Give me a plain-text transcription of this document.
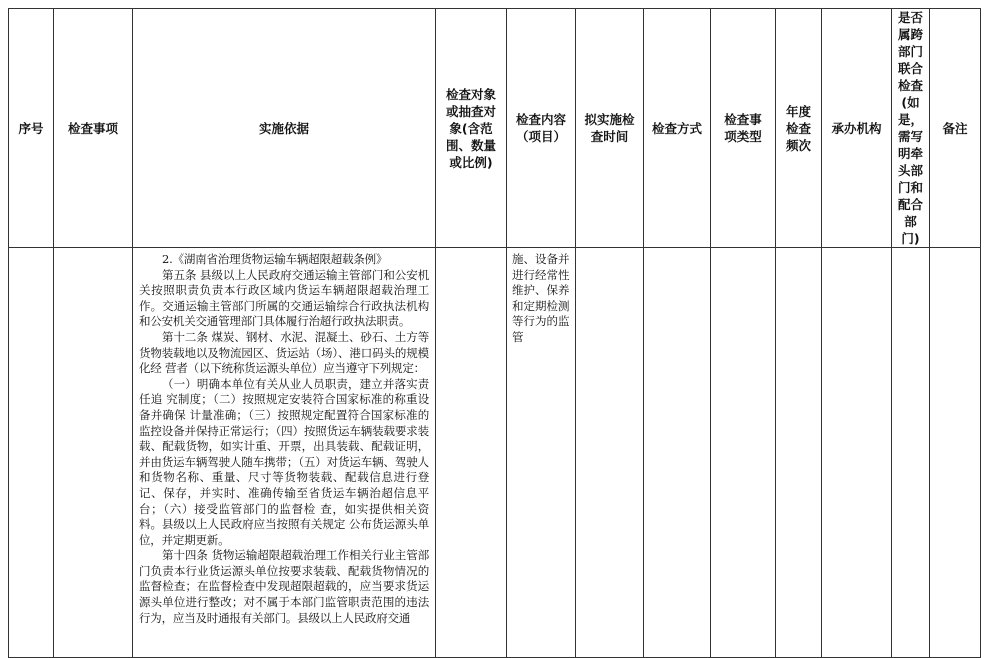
序号	检查事项	实施依据	检查对象或抽查对象(含范围、数量或比例)	检查内容（项目）	拟实施检查时间	检查方式	检查事项类型	年度检查频次	承办机构	是否属跨部门联合检查(如是，需写明牵头部门和配合部门)	备注

		2.《湖南省治理货物运输车辆超限超载条例》

第五条 县级以上人民政府交通运输主管部门和公安机关按照职责负责本行政区域内货运车辆超限超载治理工作。交通运输主管部门所属的交通运输综合行政执法机构和公安机关交通管理部门具体履行治超行政执法职责。

第十二条 煤炭、钢材、水泥、混凝土、砂石、土方等货物装载地以及物流园区、货运站（场）、港口码头的规模化经 营者（以下统称货运源头单位）应当遵守下列规定：

（一）明确本单位有关从业人员职责，建立并落实责任追 究制度；（二）按照规定安装符合国家标准的称重设备并确保 计量准确；（三）按照规定配置符合国家标准的监控设备并保持正常运行；（四）按照货运车辆装载要求装载、配载货物，如实计重、开票，出具装载、配载证明，并由货运车辆驾驶人随车携带；（五）对货运车辆、驾驶人和货物名称、重量、尺寸等货物装载、配载信息进行登记、保存，并实时、准确传输至省货运车辆治超信息平台；（六）接受监管部门的监督检 查，如实提供相关资料。县级以上人民政府应当按照有关规定 公布货运源头单位，并定期更新。

第十四条 货物运输超限超载治理工作相关行业主管部门负责本行业货运源头单位按要求装载、配载货物情况的监督检查；在监督检查中发现超限超载的，应当要求货运源头单位进行整改；对不属于本部门监管职责范围的违法行为，应当及时通报有关部门。县级以上人民政府交通		施、设备并进行经常性维护、保养和定期检测等行为的监管							
